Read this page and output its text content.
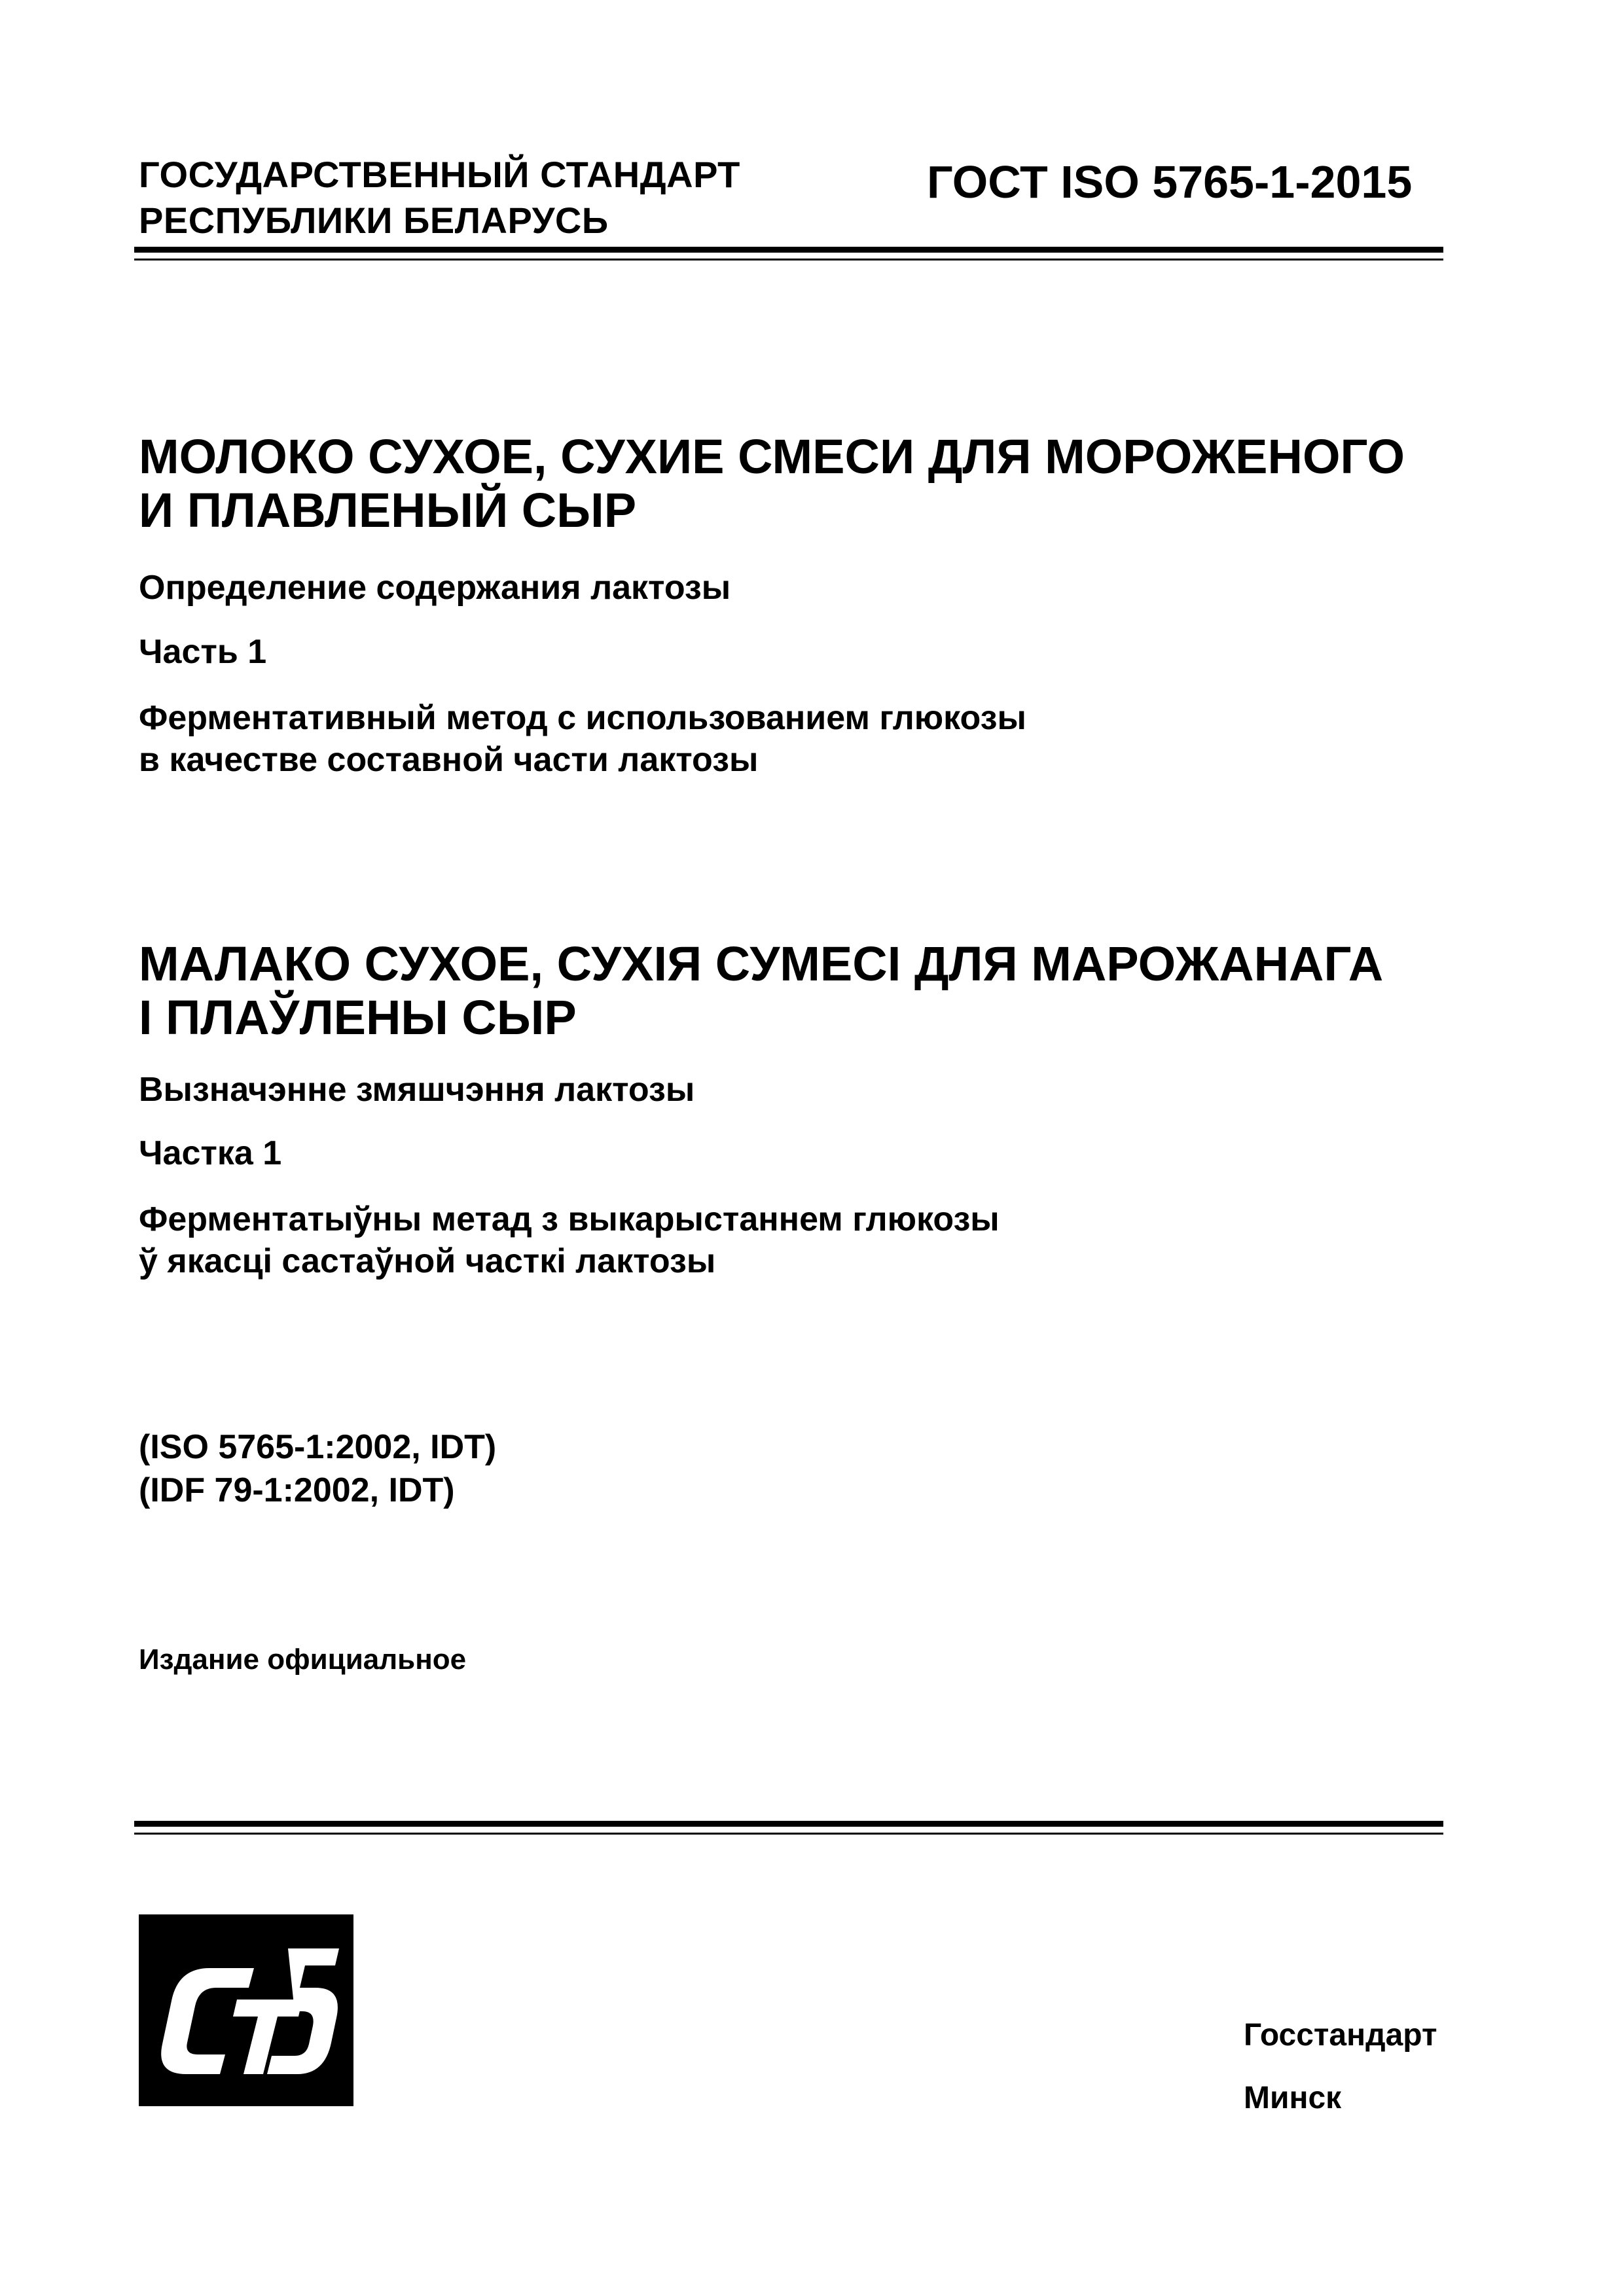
ГОСУДАРСТВЕННЫЙ СТАНДАРТ
РЕСПУБЛИКИ БЕЛАРУСЬ
ГОСТ ISO 5765-1-2015
МОЛОКО СУХОЕ, СУХИЕ СМЕСИ ДЛЯ МОРОЖЕНОГО
И ПЛАВЛЕНЫЙ СЫР
Определение содержания лактозы
Часть 1
Ферментативный метод с использованием глюкозы
в качестве составной части лактозы
МАЛАКО СУХОЕ, СУХІЯ СУМЕСІ ДЛЯ МАРОЖАНАГА
І ПЛАЎЛЕНЫ СЫР
Вызначэнне змяшчэння лактозы
Частка 1
Ферментатыўны метад з выкарыстаннем глюкозы
ў якасці састаўной часткі лактозы
(ISO 5765-1:2002, IDT)
(IDF 79-1:2002, IDT)
Издание официальное
Госстандарт
Минск
